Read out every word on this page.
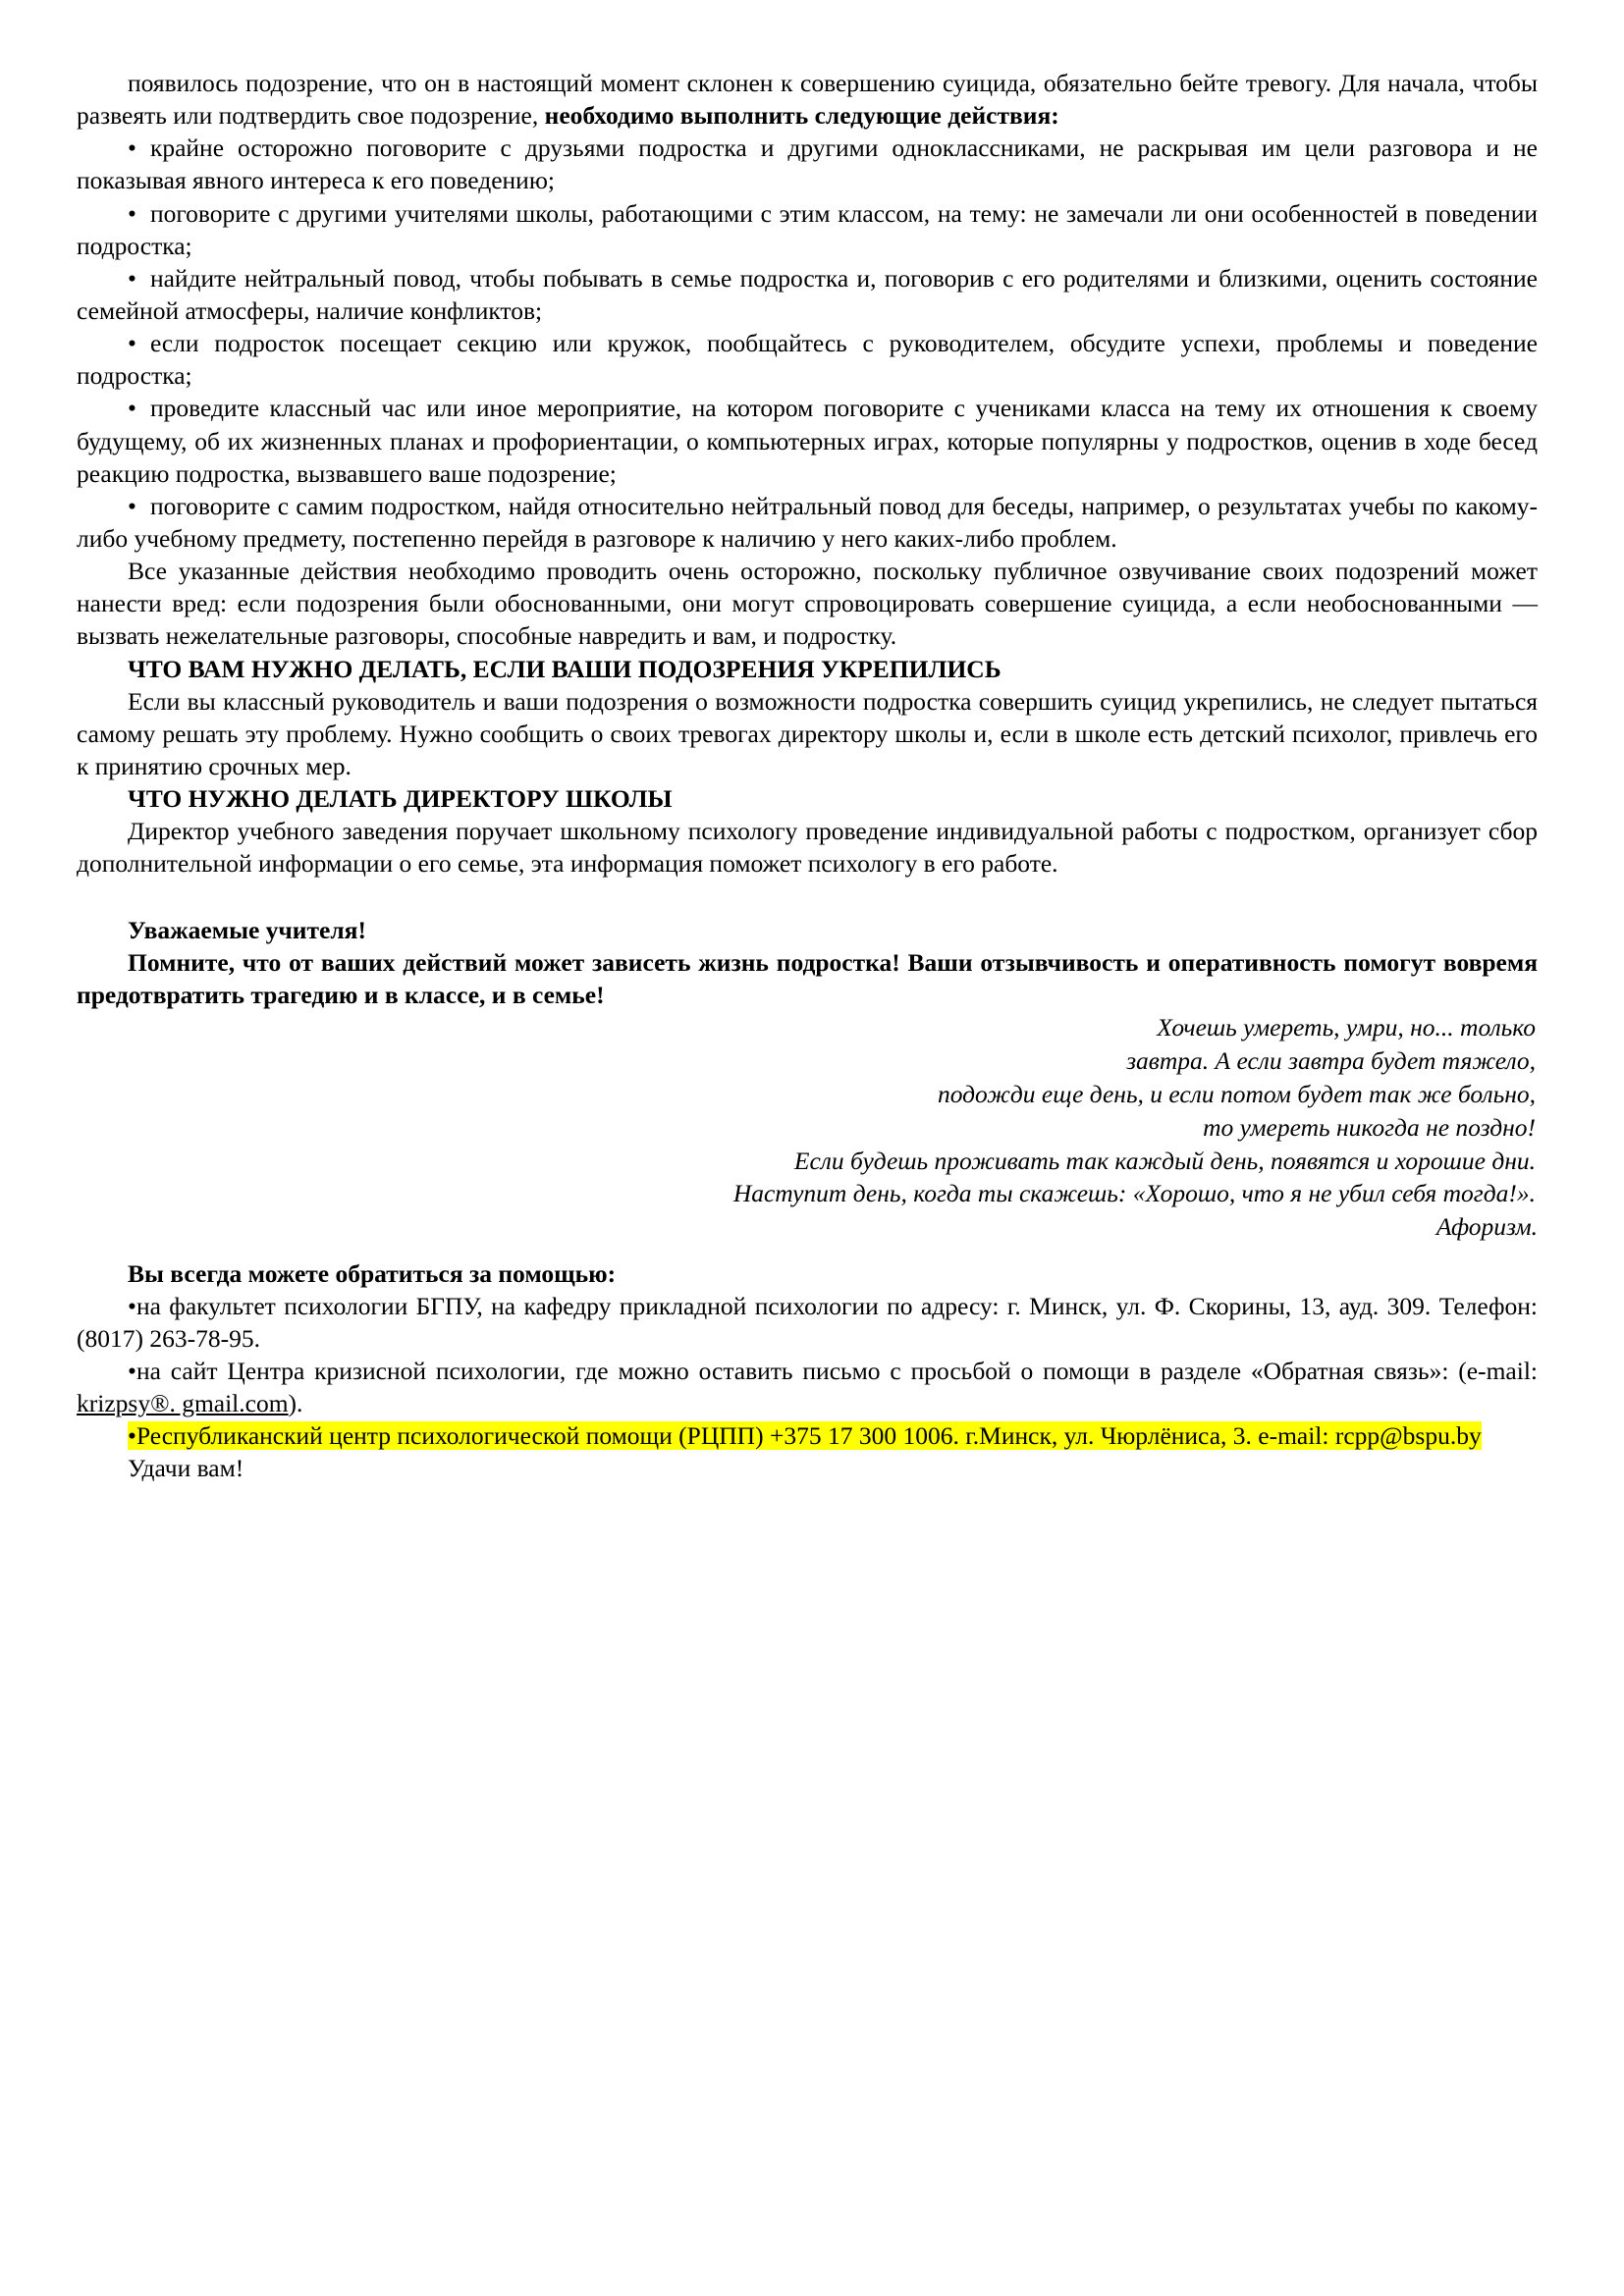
появилось подозрение, что он в настоящий момент склонен к совершению суицида, обязательно бейте тревогу. Для начала, чтобы развеять или подтвердить свое подозрение, необходимо выполнить следующие действия:

• крайне осторожно поговорите с друзьями подростка и другими одноклассниками, не раскрывая им цели разговора и не показывая явного интереса к его поведению;

• поговорите с другими учителями школы, работающими с этим классом, на тему: не замечали ли они особенностей в поведении подростка;

• найдите нейтральный повод, чтобы побывать в семье подростка и, поговорив с его родителями и близкими, оценить состояние семейной атмосферы, наличие конфликтов;

• если подросток посещает секцию или кружок, пообщайтесь с руководителем, обсудите успехи, проблемы и поведение подростка;

• проведите классный час или иное мероприятие, на котором поговорите с учениками класса на тему их отношения к своему будущему, об их жизненных планах и профориентации, о компьютерных играх, которые популярны у подростков, оценив в ходе бесед реакцию подростка, вызвавшего ваше подозрение;

• поговорите с самим подростком, найдя относительно нейтральный повод для беседы, например, о результатах учебы по какому-либо учебному предмету, постепенно перейдя в разговоре к наличию у него каких-либо проблем.

Все указанные действия необходимо проводить очень осторожно, поскольку публичное озвучивание своих подозрений может нанести вред: если подозрения были обоснованными, они могут спровоцировать совершение суицида, а если необоснованными — вызвать нежелательные разговоры, способные навредить и вам, и подростку.

ЧТО ВАМ НУЖНО ДЕЛАТЬ, ЕСЛИ ВАШИ ПОДОЗРЕНИЯ УКРЕПИЛИСЬ

Если вы классный руководитель и ваши подозрения о возможности подростка совершить суицид укрепились, не следует пытаться самому решать эту проблему. Нужно сообщить о своих тревогах директору школы и, если в школе есть детский психолог, привлечь его к принятию срочных мер.

ЧТО НУЖНО ДЕЛАТЬ ДИРЕКТОРУ ШКОЛЫ

Директор учебного заведения поручает школьному психологу проведение индивидуальной работы с подростком, организует сбор дополнительной информации о его семье, эта информация поможет психологу в его работе.

Уважаемые учителя!

Помните, что от ваших действий может зависеть жизнь подростка! Ваши отзывчивость и оперативность помогут вовремя предотвратить трагедию и в классе, и в семье!

Хочешь умереть, умри, но... только
завтра. А если завтра будет тяжело,
подожди еще день, и если потом будет так же больно,
то умереть никогда не поздно!
Если будешь проживать так каждый день, появятся и хорошие дни.
Наступит день, когда ты скажешь: «Хорошо, что я не убил себя тогда!».

Афоризм.

Вы всегда можете обратиться за помощью:

•на факультет психологии БГПУ, на кафедру прикладной психологии по адресу: г. Минск, ул. Ф. Скорины, 13, ауд. 309. Телефон: (8017) 263-78-95.

•на сайт Центра кризисной психологии, где можно оставить письмо с просьбой о помощи в разделе «Обратная связь»: (e-mail: krizpsy®. gmail.com).

•Республиканский центр психологической помощи (РЦПП) +375 17 300 1006. г.Минск, ул. Чюрлёниса, 3. e-mail: rcpp@bspu.by

Удачи вам!
